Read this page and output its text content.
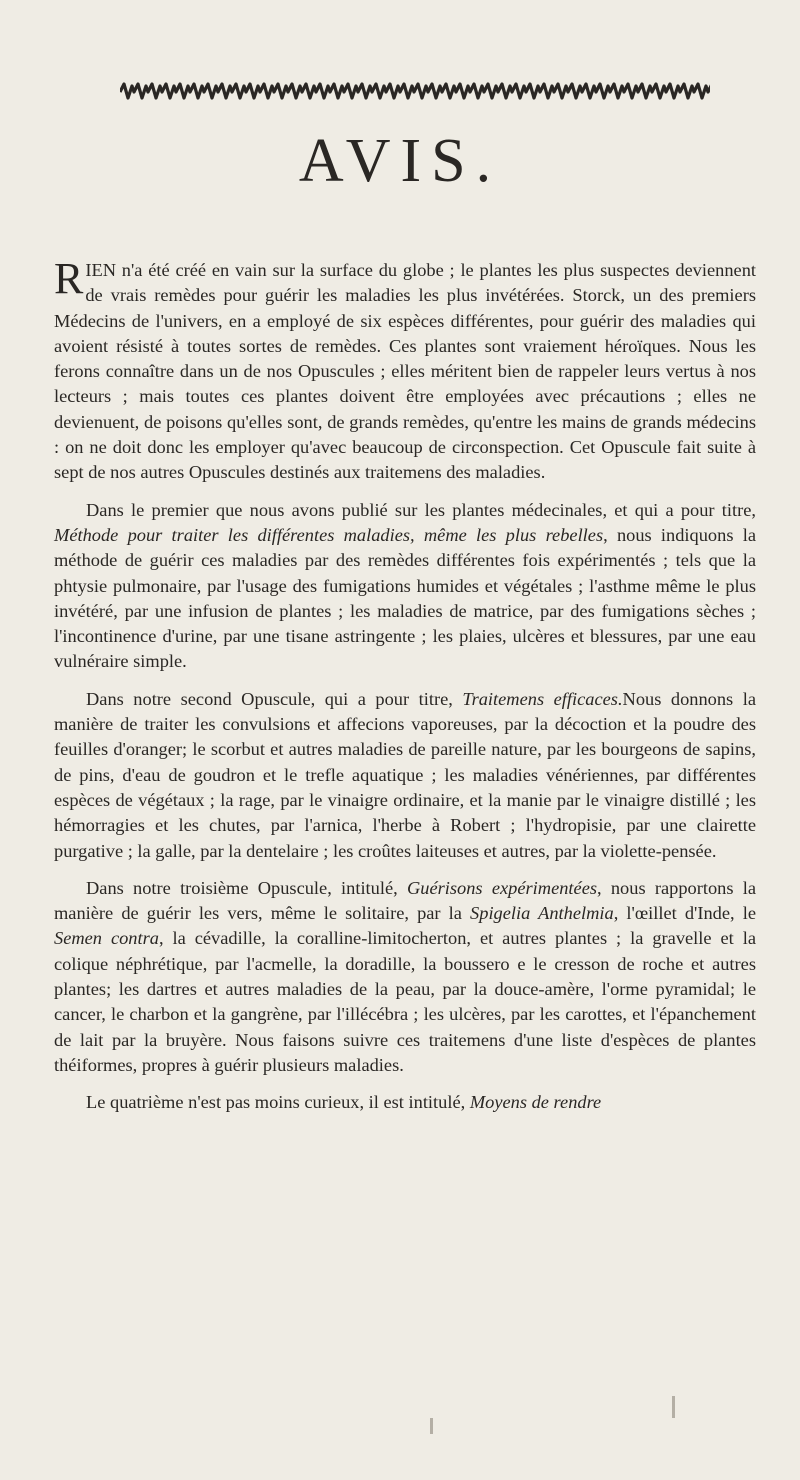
AVIS.

RIEN n'a été créé en vain sur la surface du globe ; le plantes les plus suspectes deviennent de vrais remèdes pour guérir les maladies les plus invétérées. Storck, un des premiers Médecins de l'univers, en a employé de six espèces différentes, pour guérir des maladies qui avoient résisté à toutes sortes de remèdes. Ces plantes sont vraiement héroïques. Nous les ferons connaître dans un de nos Opuscules ; elles méritent bien de rappeler leurs vertus à nos lecteurs ; mais toutes ces plantes doivent être employées avec précautions ; elles ne devienuent, de poisons qu'elles sont, de grands remèdes, qu'entre les mains de grands médecins : on ne doit donc les employer qu'avec beaucoup de circonspection. Cet Opuscule fait suite à sept de nos autres Opuscules destinés aux traitemens des maladies.

Dans le premier que nous avons publié sur les plantes médecinales, et qui a pour titre, Méthode pour traiter les différentes maladies, même les plus rebelles, nous indiquons la méthode de guérir ces maladies par des remèdes différentes fois expérimentés ; tels que la phtysie pulmonaire, par l'usage des fumigations humides et végétales ; l'asthme même le plus invétéré, par une infusion de plantes ; les maladies de matrice, par des fumigations sèches ; l'incontinence d'urine, par une tisane astringente ; les plaies, ulcères et blessures, par une eau vulnéraire simple.

Dans notre second Opuscule, qui a pour titre, Traitemens efficaces.Nous donnons la manière de traiter les convulsions et affecions vaporeuses, par la décoction et la poudre des feuilles d'oranger; le scorbut et autres maladies de pareille nature, par les bourgeons de sapins, de pins, d'eau de goudron et le trefle aquatique ; les maladies vénériennes, par différentes espèces de végétaux ; la rage, par le vinaigre ordinaire, et la manie par le vinaigre distillé ; les hémorragies et les chutes, par l'arnica, l'herbe à Robert ; l'hydropisie, par une clairette purgative ; la galle, par la dentelaire ; les croûtes laiteuses et autres, par la violette-pensée.

Dans notre troisième Opuscule, intitulé, Guérisons expérimentées, nous rapportons la manière de guérir les vers, même le solitaire, par la Spigelia Anthelmia, l'œillet d'Inde, le Semen contra, la cévadille, la coralline-limitocherton, et autres plantes ; la gravelle et la colique néphrétique, par l'acmelle, la doradille, la boussero e le cresson de roche et autres plantes; les dartres et autres maladies de la peau, par la douce-amère, l'orme pyramidal; le cancer, le charbon et la gangrène, par l'illécébra ; les ulcères, par les carottes, et l'épanchement de lait par la bruyère. Nous faisons suivre ces traitemens d'une liste d'espèces de plantes théiformes, propres à guérir plusieurs maladies.

Le quatrième n'est pas moins curieux, il est intitulé, Moyens de rendre
